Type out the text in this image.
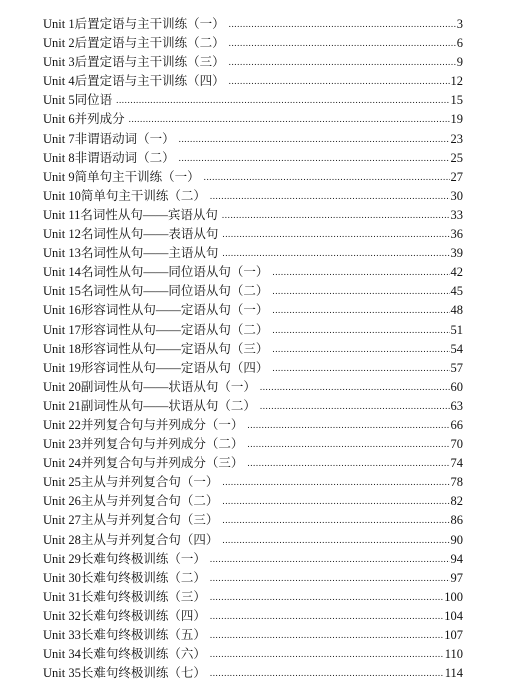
Unit 1后置定语与主干训练（一） .....	3
Unit 2后置定语与主干训练（二） .....	6
Unit 3后置定语与主干训练（三） .....	9
Unit 4后置定语与主干训练（四） .....	12
Unit 5同位语 .....	15
Unit 6并列成分 .....	19
Unit 7非谓语动词（一） .....	23
Unit 8非谓语动词（二） .....	25
Unit 9简单句主干训练（一） .....	27
Unit 10简单句主干训练（二） .....	30
Unit 11名词性从句——宾语从句 .....	33
Unit 12名词性从句——表语从句 .....	36
Unit 13名词性从句——主语从句 .....	39
Unit 14名词性从句——同位语从句（一） .....	42
Unit 15名词性从句——同位语从句（二） .....	45
Unit 16形容词性从句——定语从句（一） .....	48
Unit 17形容词性从句——定语从句（二） .....	51
Unit 18形容词性从句——定语从句（三） .....	54
Unit 19形容词性从句——定语从句（四） .....	57
Unit 20副词性从句——状语从句（一） .....	60
Unit 21副词性从句——状语从句（二） .....	63
Unit 22并列复合句与并列成分（一） .....	66
Unit 23并列复合句与并列成分（二） .....	70
Unit 24并列复合句与并列成分（三） .....	74
Unit 25主从与并列复合句（一） .....	78
Unit 26主从与并列复合句（二） .....	82
Unit 27主从与并列复合句（三） .....	86
Unit 28主从与并列复合句（四） .....	90
Unit 29长难句终极训练（一） .....	94
Unit 30长难句终极训练（二） .....	97
Unit 31长难句终极训练（三） .....	100
Unit 32长难句终极训练（四） .....	104
Unit 33长难句终极训练（五） .....	107
Unit 34长难句终极训练（六） .....	110
Unit 35长难句终极训练（七） .....	114
